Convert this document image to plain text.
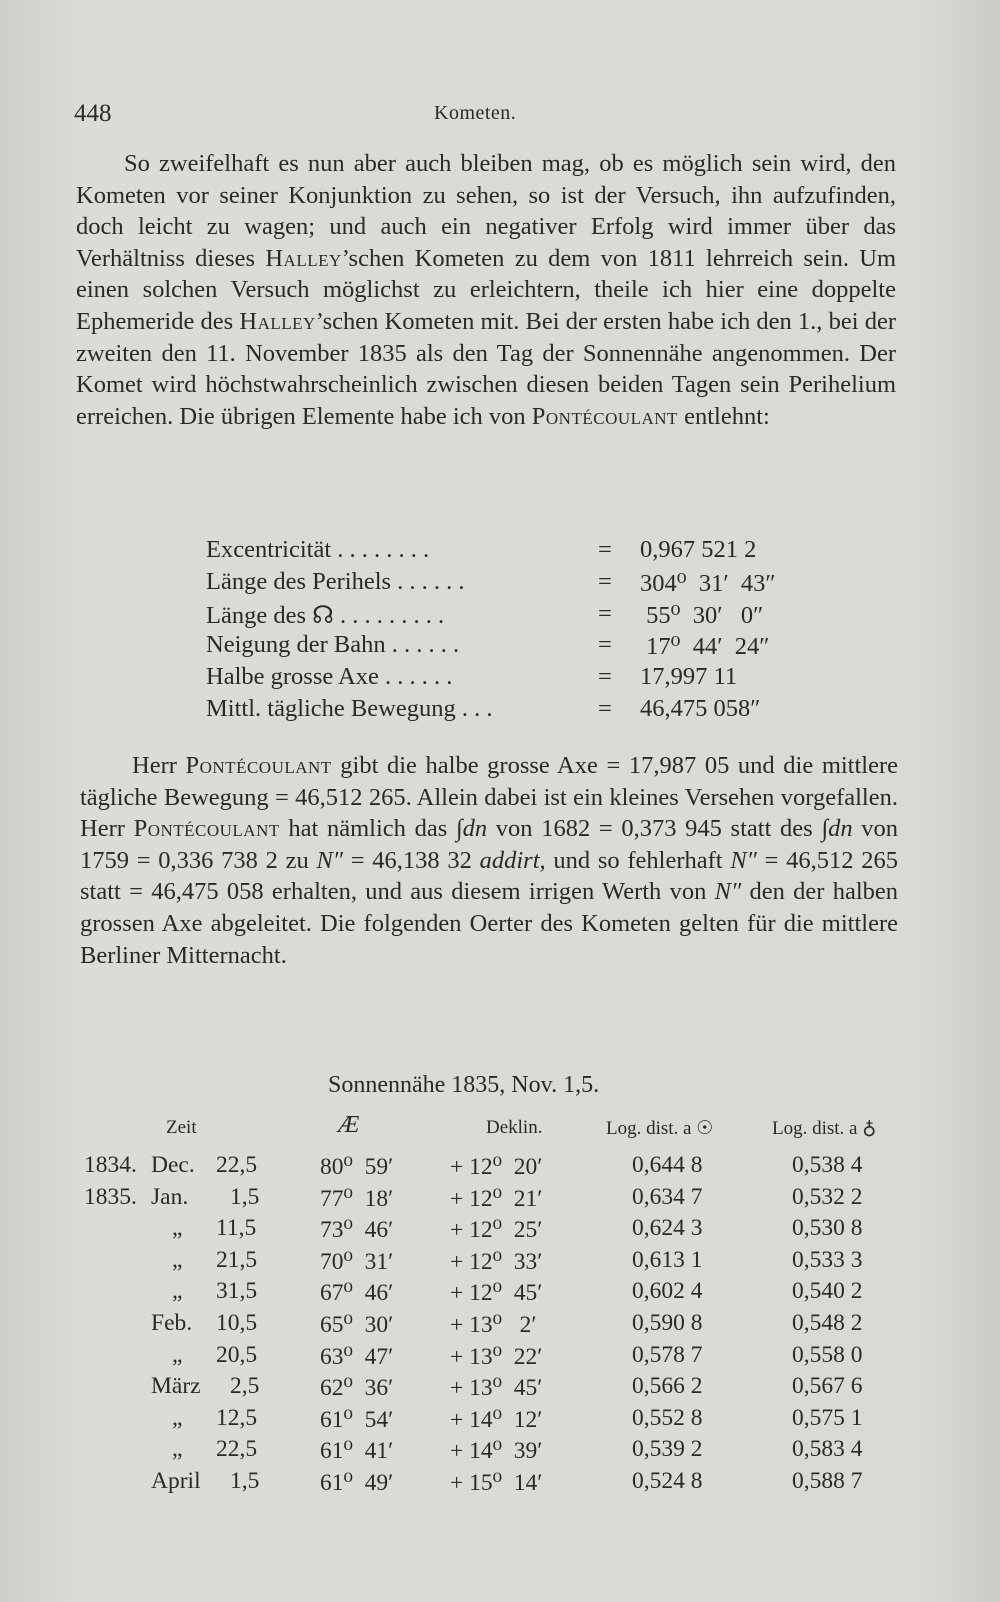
448	Kometen.

So zweifelhaft es nun aber auch bleiben mag, ob es möglich sein wird, den Kometen vor seiner Konjunktion zu sehen, so ist der Versuch, ihn aufzufinden, doch leicht zu wagen; und auch ein negativer Erfolg wird immer über das Verhältniss dieses Halley’schen Kometen zu dem von 1811 lehrreich sein. Um einen solchen Versuch möglichst zu erleichtern, theile ich hier eine doppelte Ephemeride des Halley’schen Kometen mit. Bei der ersten habe ich den 1., bei der zweiten den 11. November 1835 als den Tag der Sonnennähe angenommen. Der Komet wird höchstwahrscheinlich zwischen diesen beiden Tagen sein Perihelium erreichen. Die übrigen Elemente habe ich von Pontécoulant entlehnt:

Excentricität . . . . . . . .	= 0,967 521 2
Länge des Perihels . . . . . .	= 304⁰  31′  43″
Länge des ☊ . . . . . . . . .	= 55⁰  30′   0″
Neigung der Bahn . . . . . .	= 17⁰  44′  24″
Halbe grosse Axe . . . . . .	= 17,997 11
Mittl. tägliche Bewegung . . .	= 46,475 058″

Herr Pontécoulant gibt die halbe grosse Axe = 17,987 05 und die mittlere tägliche Bewegung = 46,512 265. Allein dabei ist ein kleines Versehen vorgefallen. Herr Pontécoulant hat nämlich das ∫dn von 1682 = 0,373 945 statt des ∫dn von 1759 = 0,336 738 2 zu N″ = 46,138 32 addirt, und so fehlerhaft N″ = 46,512 265 statt = 46,475 058 erhalten, und aus diesem irrigen Werth von N″ den der halben grossen Axe abgeleitet. Die folgenden Oerter des Kometen gelten für die mittlere Berliner Mitternacht.

Sonnennähe 1835, Nov. 1,5.
Zeit	Æ	Deklin.	Log. dist. a ☉	Log. dist. a ♁
1834. Dec. 22,5	80⁰  59′ + 12⁰  20′	0,644 8	0,538 4
1835. Jan. 1,5	77⁰  18′ + 12⁰  21′	0,634 7	0,532 2
„ 11,5	73⁰  46′ + 12⁰  25′	0,624 3	0,530 8
„ 21,5	70⁰  31′ + 12⁰  33′	0,613 1	0,533 3
„ 31,5	67⁰  46′ + 12⁰  45′	0,602 4	0,540 2
Feb. 10,5	65⁰  30′ + 13⁰   2′	0,590 8	0,548 2
„ 20,5	63⁰  47′ + 13⁰  22′	0,578 7	0,558 0
März 2,5	62⁰  36′ + 13⁰  45′	0,566 2	0,567 6
„ 12,5	61⁰  54′ + 14⁰  12′	0,552 8	0,575 1
„ 22,5	61⁰  41′ + 14⁰  39′	0,539 2	0,583 4
April 1,5	61⁰  49′ + 15⁰  14′	0,524 8	0,588 7
